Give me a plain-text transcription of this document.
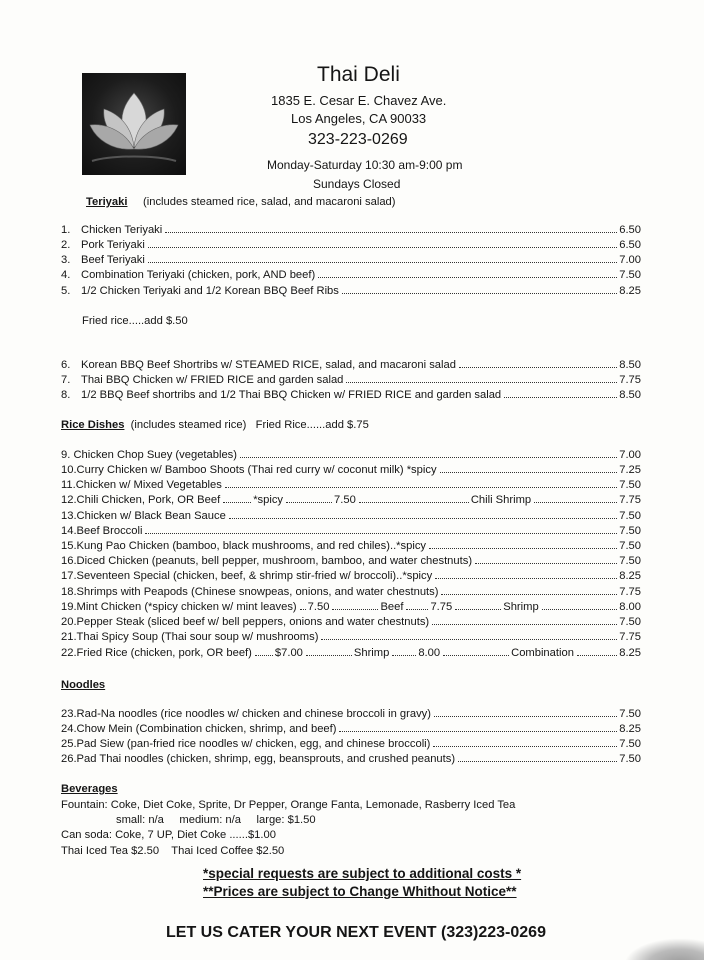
Thai Deli
1835 E. Cesar E. Chavez Ave.
Los Angeles, CA 90033
323-223-0269
Monday-Saturday 10:30 am-9:00 pm
Sundays Closed
Teriyaki (includes steamed rice, salad, and macaroni salad)
1. Chicken Teriyaki	6.50
2. Pork Teriyaki	6.50
3. Beef Teriyaki	7.00
4. Combination Teriyaki (chicken, pork, AND beef)	7.50
5. 1/2 Chicken Teriyaki and 1/2 Korean BBQ Beef Ribs	8.25
Fried rice.....add $.50
6. Korean BBQ Beef Shortribs w/ STEAMED RICE, salad, and macaroni salad	8.50
7. Thai BBQ Chicken w/ FRIED RICE and garden salad	7.75
8. 1/2 BBQ Beef shortribs and 1/2 Thai BBQ Chicken w/ FRIED RICE and garden salad	8.50
Rice Dishes (includes steamed rice) Fried Rice......add $.75
9. Chicken Chop Suey (vegetables)	7.00
10.Curry Chicken w/ Bamboo Shoots (Thai red curry w/ coconut milk) *spicy	7.25
11.Chicken w/ Mixed Vegetables	7.50
12.Chili Chicken, Pork, OR Beef	*spicy	7.50	Chili Shrimp	7.75
13.Chicken w/ Black Bean Sauce	7.50
14.Beef Broccoli	7.50
15.Kung Pao Chicken (bamboo, black mushrooms, and red chiles)..*spicy	7.50
16.Diced Chicken (peanuts, bell pepper, mushroom, bamboo, and water chestnuts)	7.50
17.Seventeen Special (chicken, beef, & shrimp stir-fried w/ broccoli)..*spicy	8.25
18.Shrimps with Peapods (Chinese snowpeas, onions, and water chestnuts)	7.75
19.Mint Chicken (*spicy chicken w/ mint leaves) 7.50	Beef 7.75	Shrimp	8.00
20.Pepper Steak (sliced beef w/ bell peppers, onions and water chestnuts)	7.50
21.Thai Spicy Soup (Thai sour soup w/ mushrooms)	7.75
22.Fried Rice (chicken, pork, OR beef) $7.00	Shrimp	8.00	Combination	8.25
Noodles
23.Rad-Na noodles (rice noodles w/ chicken and chinese broccoli in gravy)	7.50
24.Chow Mein (Combination chicken, shrimp, and beef)	8.25
25.Pad Siew (pan-fried rice noodles w/ chicken, egg, and chinese broccoli)	7.50
26.Pad Thai noodles (chicken, shrimp, egg, beansprouts, and crushed peanuts)	7.50
Beverages
Fountain: Coke, Diet Coke, Sprite, Dr Pepper, Orange Fanta, Lemonade, Rasberry Iced Tea
small: n/a     medium: n/a     large: $1.50
Can soda: Coke, 7 UP, Diet Coke ......$1.00
Thai Iced Tea $2.50    Thai Iced Coffee $2.50
*special requests are subject to additional costs *
**Prices are subject to Change Whithout Notice**
LET US CATER YOUR NEXT EVENT (323)223-0269
